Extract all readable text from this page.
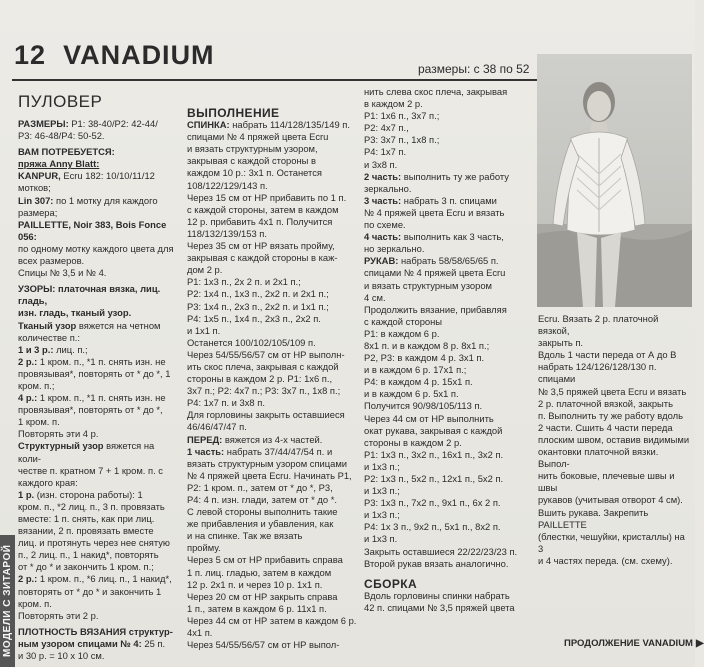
12 VANADIUM	размеры: с 38 по 52
МОДЕЛИ С ЗИТАРОЙ
ПУЛОВЕР

РАЗМЕРЫ: Р1: 38-40/Р2: 42-44/

Р3: 46-48/Р4: 50-52.

ВАМ ПОТРЕБУЕТСЯ:

пряжа Anny Blatt:

KANPUR, Ecru 182: 10/10/11/12

мотков;

Lin 307: по 1 мотку для каждого

размера;

PAILLETTE, Noir 383, Bois Fonce 056:

по одному мотку каждого цвета для

всех размеров.

Спицы № 3,5 и № 4.

УЗОРЫ: платочная вязка, лиц. гладь,

изн. гладь, тканый узор.

Тканый узор вяжется на четном

количестве п.:

1 и 3 р.: лиц. п.;

2 р.: 1 кром. п., *1 п. снять изн. не

провязывая*, повторять от * до *, 1

кром. п.;

4 р.: 1 кром. п., *1 п. снять изн. не

провязывая*, повторять от * до *,

1 кром. п.

Повторять эти 4 р.

Структурный узор вяжется на коли-

честве п. кратном 7 + 1 кром. п. с

каждого края:

1 р. (изн. сторона работы): 1

кром. п., *2 лиц. п., 3 п. провязать

вместе: 1 п. снять, как при лиц.

вязании, 2 п. провязать вместе

лиц. и протянуть через нее снятую

п., 2 лиц. п., 1 накид*, повторять

от * до * и закончить 1 кром. п.;

2 р.: 1 кром. п., *6 лиц. п., 1 накид*,

повторять от * до * и закончить 1

кром. п.

Повторять эти 2 р.

ПЛОТНОСТЬ ВЯЗАНИЯ структур-

ным узором спицами № 4: 25 п.

и 30 р. = 10 x 10 см.

ВЫПОЛНЕНИЕ

СПИНКА: набрать 114/128/135/149 п.

спицами № 4 пряжей цвета Ecru

и вязать структурным узором,

закрывая с каждой стороны в

каждом 10 р.: 3x1 п. Останется

108/122/129/143 п.

Через 15 см от НР прибавить по 1 п.

с каждой стороны, затем в каждом

12 р. прибавить 4x1 п. Получится

118/132/139/153 п.

Через 35 см от НР вязать пройму,

закрывая с каждой стороны в каж-

дом 2 р.

Р1: 1x3 п., 2x 2 п. и 2x1 п.;

Р2: 1x4 п., 1x3 п., 2x2 п. и 2x1 п.;

Р3: 1x4 п., 2x3 п., 2x2 п. и 1x1 п.;

Р4: 1x5 п., 1x4 п., 2x3 п., 2x2 п.

и 1x1 п.

Останется 100/102/105/109 п.

Через 54/55/56/57 см от НР выполн-

ить скос плеча, закрывая с каждой

стороны в каждом 2 р. Р1: 1x6 п.,

3x7 п.; Р2: 4x7 п.; Р3: 3x7 п., 1x8 п.;

Р4: 1x7 п. и 3x8 п.

Для горловины закрыть оставшиеся

46/46/47/47 п.

ПЕРЕД: вяжется из 4-х частей.

1 часть: набрать 37/44/47/54 п. и

вязать структурным узором спицами

№ 4 пряжей цвета Ecru. Начинать Р1,

Р2: 1 кром. п., затем от * до *, Р3,

Р4: 4 п. изн. глади, затем от * до *.

С левой стороны выполнить такие

же прибавления и убавления, как

и на спинке. Так же вязать

пройму.

Через 5 см от НР прибавить справа

1 п. лиц. гладью, затем в каждом

12 р. 2x1 п. и через 10 р. 1x1 п.

Через 20 см от НР закрыть справа

1 п., затем в каждом 6 р. 11x1 п.

Через 44 см от НР затем в каждом 6 р. 4x1 п.

Через 54/55/56/57 см от НР выпол-

нить слева скос плеча, закрывая

в каждом 2 р.

Р1: 1x6 п., 3x7 п.;

Р2: 4x7 п.,

Р3: 3x7 п., 1x8 п.;

Р4: 1x7 п.

и 3x8 п.

2 часть: выполнить ту же работу

зеркально.

3 часть: набрать 3 п. спицами

№ 4 пряжей цвета Ecru и вязать

по схеме.

4 часть: выполнить как 3 часть,

но зеркально.

РУКАВ: набрать 58/58/65/65 п.

спицами № 4 пряжей цвета Ecru

и вязать структурным узором

4 см.

Продолжить вязание, прибавляя

с каждой стороны

Р1: в каждом 6 р.

8x1 п. и в каждом 8 р. 8x1 п.;

Р2, Р3: в каждом 4 р. 3x1 п.

и в каждом 6 р. 17x1 п.;

Р4: в каждом 4 р. 15x1 п.

и в каждом 6 р. 5x1 п.

Получится 90/98/105/113 п.

Через 44 см от НР выполнить

окат рукава, закрывая с каждой

стороны в каждом 2 р.

Р1: 1x3 п., 3x2 п., 16x1 п., 3x2 п.

и 1x3 п.;

Р2: 1x3 п., 5x2 п., 12x1 п., 5x2 п.

и 1x3 п.;

Р3: 1x3 п., 7x2 п., 9x1 п., 6x 2 п.

и 1x3 п.;

Р4: 1x 3 п., 9x2 п., 5x1 п., 8x2 п.

и 1x3 п.

Закрыть оставшиеся 22/22/23/23 п.

Второй рукав вязать аналогично.

СБОРКА

Вдоль горловины спинки набрать

42 п. спицами № 3,5 пряжей цвета

Ecru. Вязать 2 р. платочной вязкой,

закрыть п.

Вдоль 1 части переда от А до В

набрать 124/126/128/130 п. спицами

№ 3,5 пряжей цвета Ecru и вязать

2 р. платочной вязкой, закрыть

п. Выполнить ту же работу вдоль

2 части. Сшить 4 части переда

плоским швом, оставив видимыми

окантовки платочной вязки. Выпол-

нить боковые, плечевые швы и швы

рукавов (учитывая отворот 4 см).

Вшить рукава. Закрепить PAILLETTE

(блестки, чешуйки, кристаллы) на 3

и 4 частях переда. (см. схему).

ПРОДОЛЖЕНИЕ VANADIUM ▶
